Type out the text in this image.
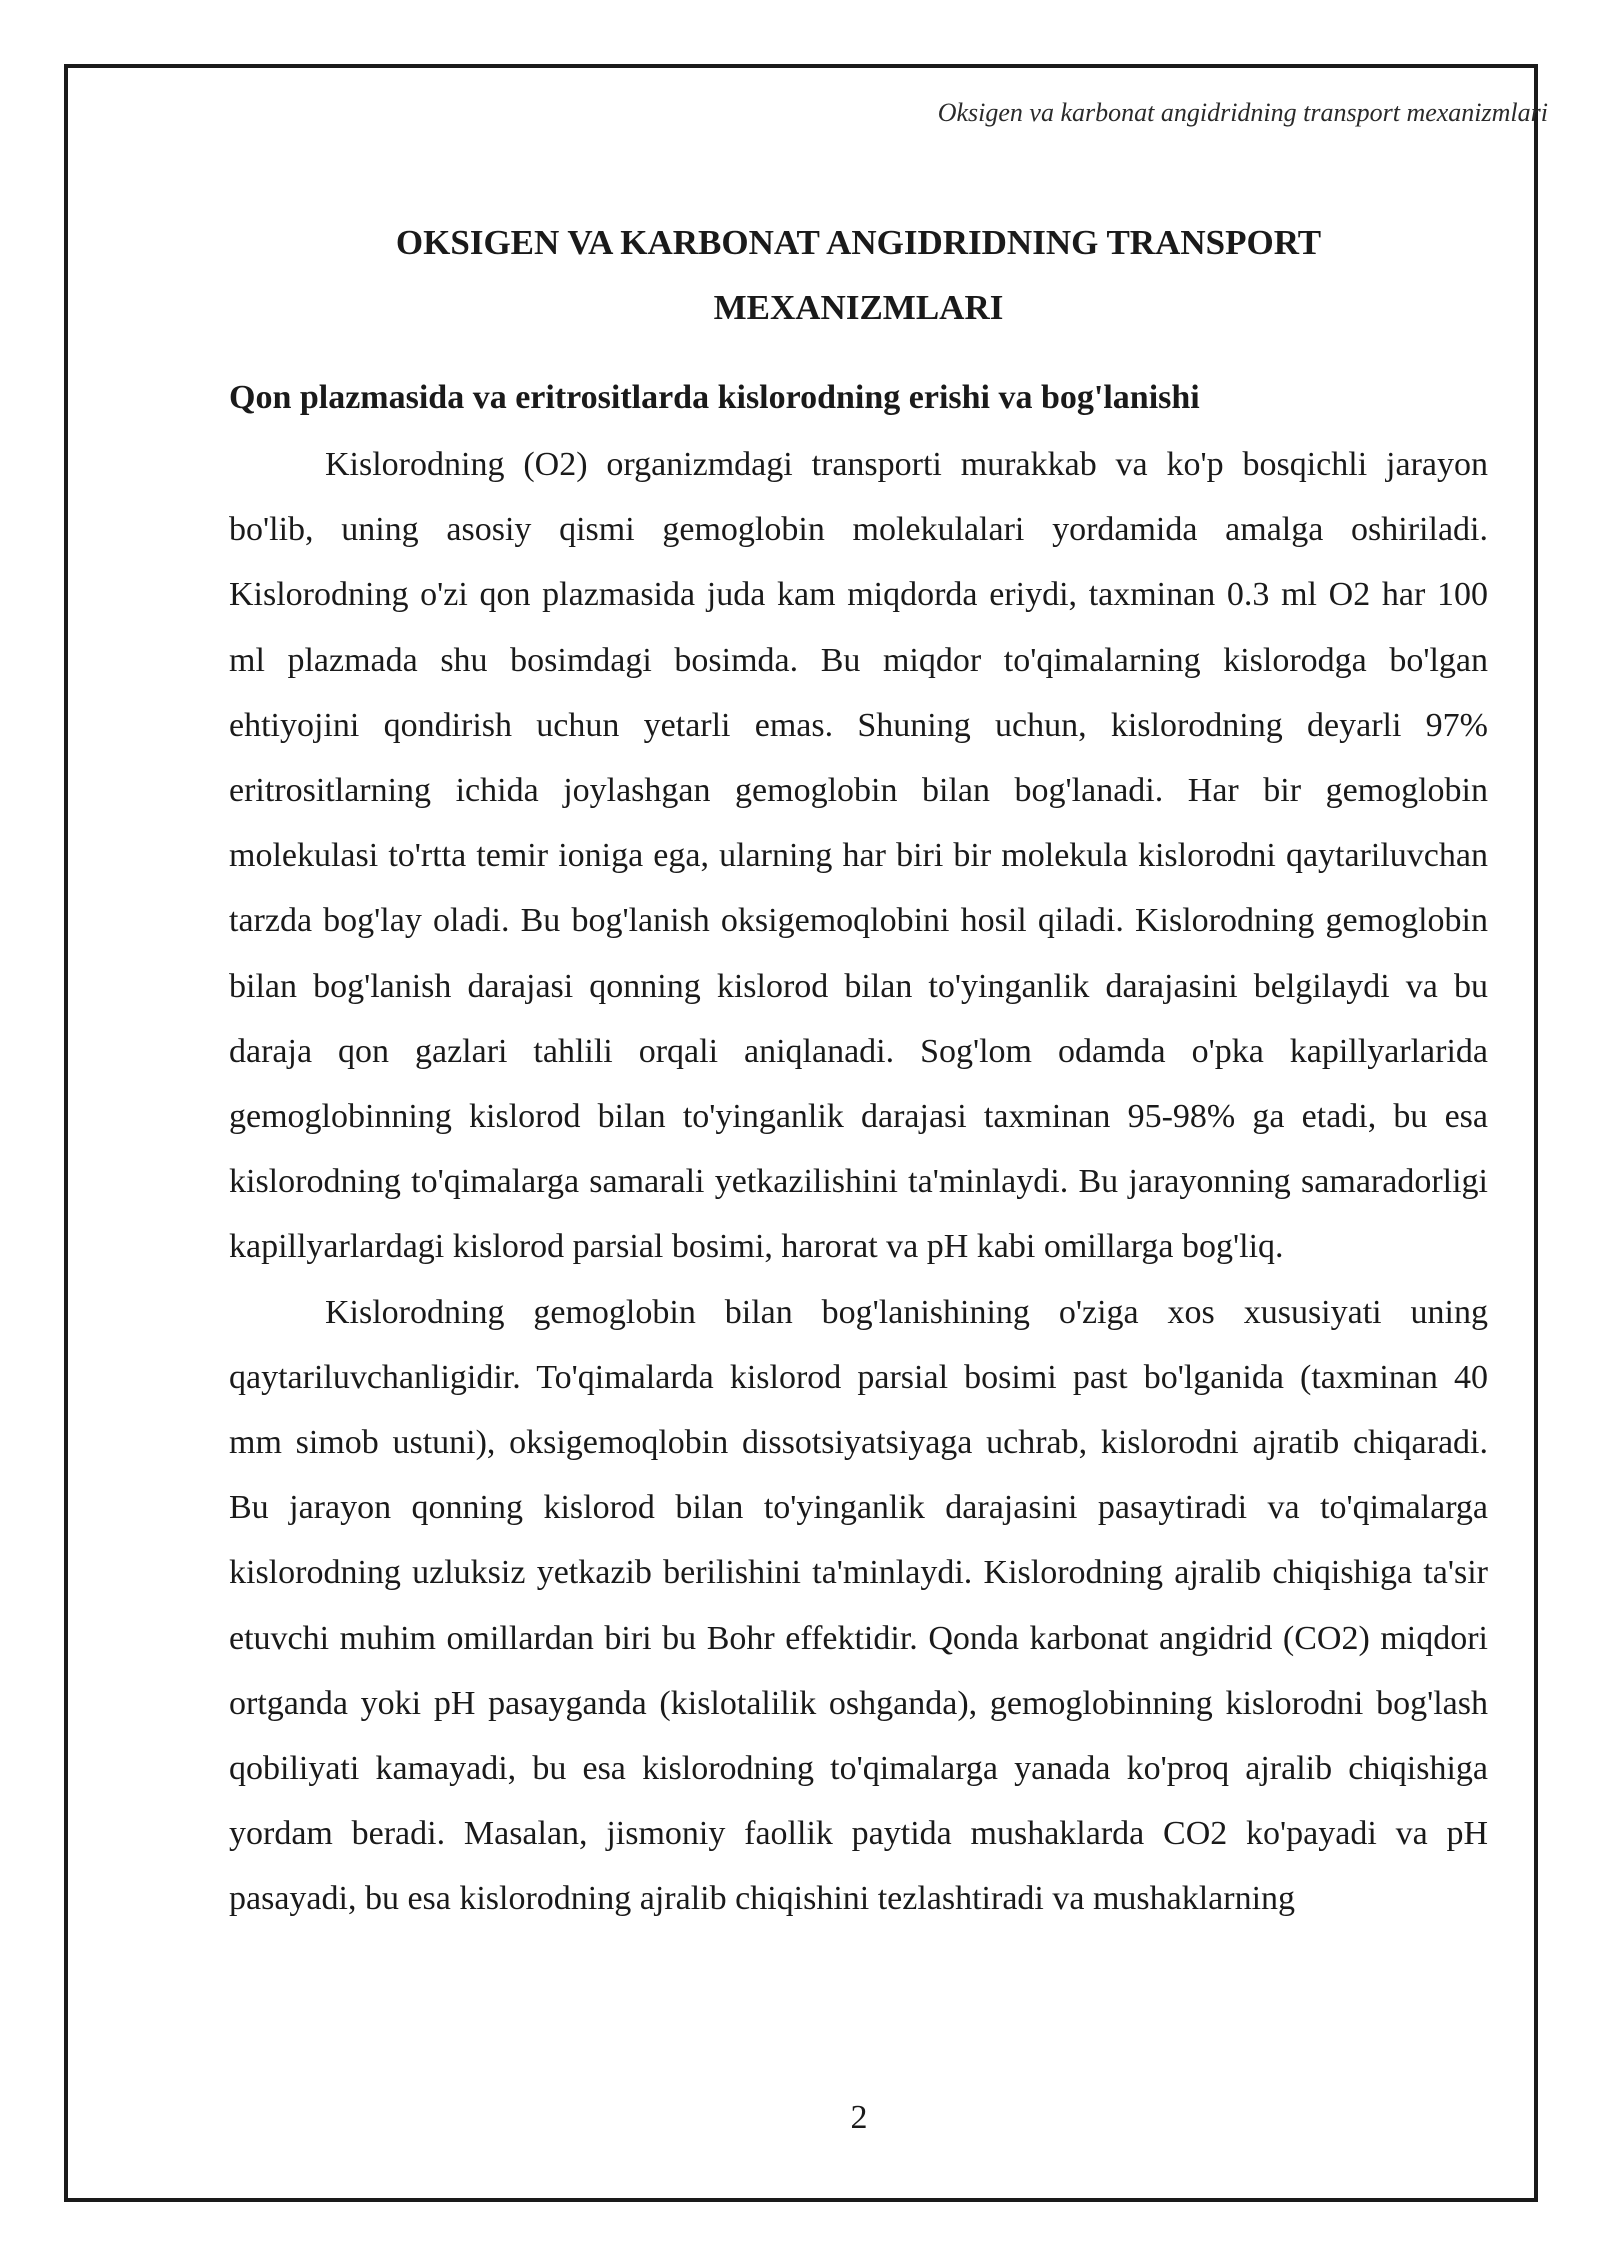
Oksigen va karbonat angidridning transport mexanizmlari
OKSIGEN VA KARBONAT ANGIDRIDNING TRANSPORT MEXANIZMLARI
Qon plazmasida va eritrositlarda kislorodning erishi va bog'lanishi

Kislorodning (O2) organizmdagi transporti murakkab va ko'p bosqichli jarayon bo'lib, uning asosiy qismi gemoglobin molekulalari yordamida amalga oshiriladi. Kislorodning o'zi qon plazmasida juda kam miqdorda eriydi, taxminan 0.3 ml O2 har 100 ml plazmada shu bosimdagi bosimda. Bu miqdor to'qimalarning kislorodga bo'lgan ehtiyojini qondirish uchun yetarli emas. Shuning uchun, kislorodning deyarli 97% eritrositlarning ichida joylashgan gemoglobin bilan bog'lanadi. Har bir gemoglobin molekulasi to'rtta temir ioniga ega, ularning har biri bir molekula kislorodni qaytariluvchan tarzda bog'lay oladi. Bu bog'lanish oksigemoqlobini hosil qiladi. Kislorodning gemoglobin bilan bog'lanish darajasi qonning kislorod bilan to'yinganlik darajasini belgilaydi va bu daraja qon gazlari tahlili orqali aniqlanadi. Sog'lom odamda o'pka kapillyarlarida gemoglobinning kislorod bilan to'yinganlik darajasi taxminan 95-98% ga etadi, bu esa kislorodning to'qimalarga samarali yetkazilishini ta'minlaydi. Bu jarayonning samaradorligi kapillyarlardagi kislorod parsial bosimi, harorat va pH kabi omillarga bog'liq.

Kislorodning gemoglobin bilan bog'lanishining o'ziga xos xususiyati uning qaytariluvchanligidir. To'qimalarda kislorod parsial bosimi past bo'lganida (taxminan 40 mm simob ustuni), oksigemoqlobin dissotsiyatsiyaga uchrab, kislorodni ajratib chiqaradi. Bu jarayon qonning kislorod bilan to'yinganlik darajasini pasaytiradi va to'qimalarga kislorodning uzluksiz yetkazib berilishini ta'minlaydi. Kislorodning ajralib chiqishiga ta'sir etuvchi muhim omillardan biri bu Bohr effektidir. Qonda karbonat angidrid (CO2) miqdori ortganda yoki pH pasayganda (kislotalilik oshganda), gemoglobinning kislorodni bog'lash qobiliyati kamayadi, bu esa kislorodning to'qimalarga yanada ko'proq ajralib chiqishiga yordam beradi. Masalan, jismoniy faollik paytida mushaklarda CO2 ko'payadi va pH pasayadi, bu esa kislorodning ajralib chiqishini tezlashtiradi va mushaklarning

2
